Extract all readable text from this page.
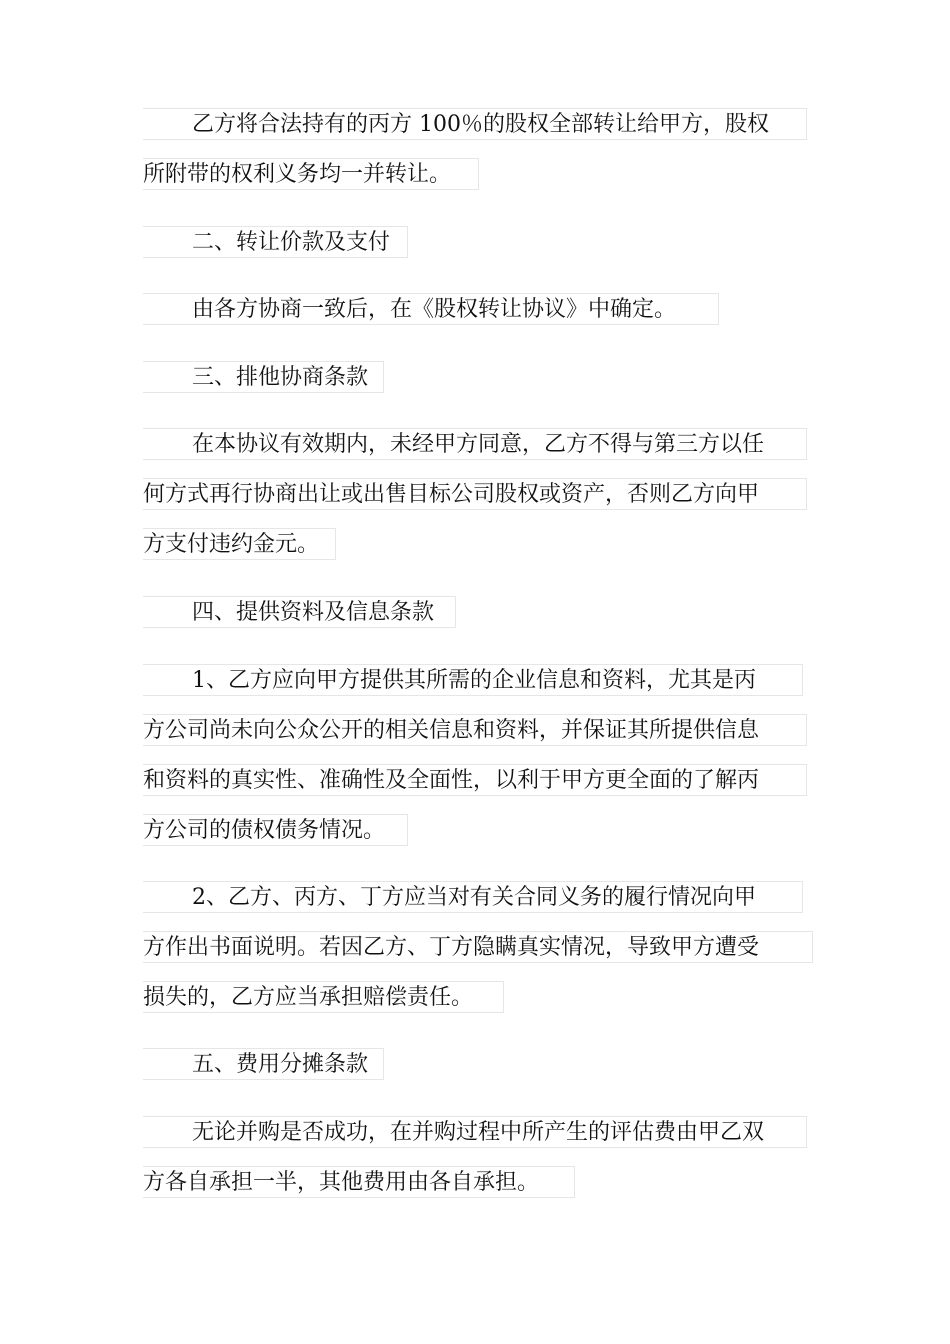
乙方将合法持有的丙方 100％的股权全部转让给甲方，股权
所附带的权利义务均一并转让。
二、转让价款及支付
由各方协商一致后，在《股权转让协议》中确定。
三、排他协商条款
在本协议有效期内，未经甲方同意，乙方不得与第三方以任
何方式再行协商出让或出售目标公司股权或资产，否则乙方向甲
方支付违约金元。
四、提供资料及信息条款
1、乙方应向甲方提供其所需的企业信息和资料，尤其是丙
方公司尚未向公众公开的相关信息和资料，并保证其所提供信息
和资料的真实性、准确性及全面性，以利于甲方更全面的了解丙
方公司的债权债务情况。
2、乙方、丙方、丁方应当对有关合同义务的履行情况向甲
方作出书面说明。若因乙方、丁方隐瞒真实情况，导致甲方遭受
损失的，乙方应当承担赔偿责任。
五、费用分摊条款
无论并购是否成功，在并购过程中所产生的评估费由甲乙双
方各自承担一半，其他费用由各自承担。
